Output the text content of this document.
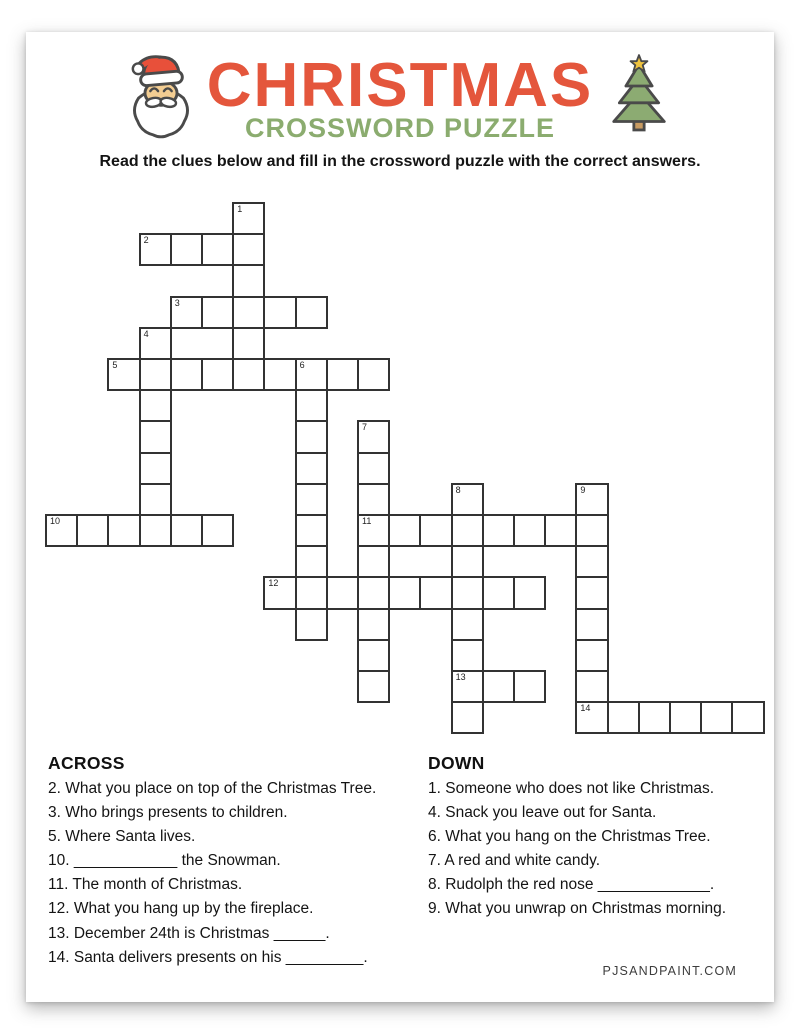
CHRISTMAS
CROSSWORD PUZZLE
Read the clues below and fill in the crossword puzzle with the correct answers.
1
2
3
4
5	6
7
11
8
13
9
14
10
12
ACROSS
2. What you place on top of the Christmas Tree.
3. Who brings presents to children.
5. Where Santa lives.
10. ____________ the Snowman.
11. The month of Christmas.
12. What you hang up by the fireplace.
13. December 24th is Christmas ______.
14. Santa delivers presents on his _________.
DOWN
1. Someone who does not like Christmas.
4. Snack you leave out for Santa.
6. What you hang on the Christmas Tree.
7. A red and white candy.
8. Rudolph the red nose _____________.
9. What you unwrap on Christmas morning.
PJSANDPAINT.COM
